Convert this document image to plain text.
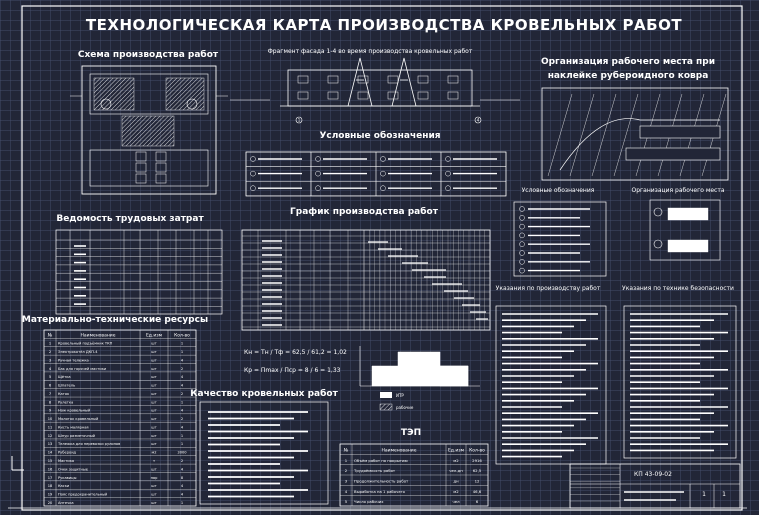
ТЕХНОЛОГИЧЕСКАЯ КАРТА ПРОИЗВОДСТВА КРОВЕЛЬНЫХ РАБОТ
Схема производства работ	Фрагмент фасада 1-4 во время производства кровельных работ
Организация рабочего места при
наклейке рубероидного ковра
Условные обозначения
График производства работ
Ведомость трудовых затрат
Материально-технические ресурсы
Качество кровельных работ
ТЭП
Условные обозначения	Организация рабочего места
Указания по производству работ	Указания по технике безопасности
Кн = Тн / Тф = 62,5 / 61,2 = 1,02
Кр = Пmax / Пср = 8 / 6 = 1,33
КП 43-09-02
1	1
1	4
ИТР
рабочие
№	Наименование	Ед.изм	Кол-во
1 Кровельный подъёмник ТКП	шт	1
2 Электрокотёл ДКП-4	шт	1
3 Ручная тележка	шт	4
4 Бак для горячей мастики	шт	2
5 Щётка	шт	4
6 Шпатель	шт	4
7 Каток	шт	2
8 Рулетка	шт	1
9 Нож кровельный	шт	4
10 Молоток кровельный	шт	2
11 Кисть малярная	шт	4
12 Шнур разметочный	шт	1
13 Тележка для перевозки рулонов	шт	1
14 Рубероид	м2	3000
15 Мастика	т	2
16 Очки защитные	шт	4
17 Рукавицы	пар	8
18 Каски	шт	4
19 Пояс предохранительный	шт	4
20 Аптечка	шт	1
№	Наименование	Ед.изм Кол-во
1 Объём работ по покрытию	м2	2916
2 Трудоёмкость работ	чел-дн	62,5
3 Продолжительность работ	дн	12
4 Выработка на 1 рабочего	м2	46,6
5 Число рабочих	чел	6
